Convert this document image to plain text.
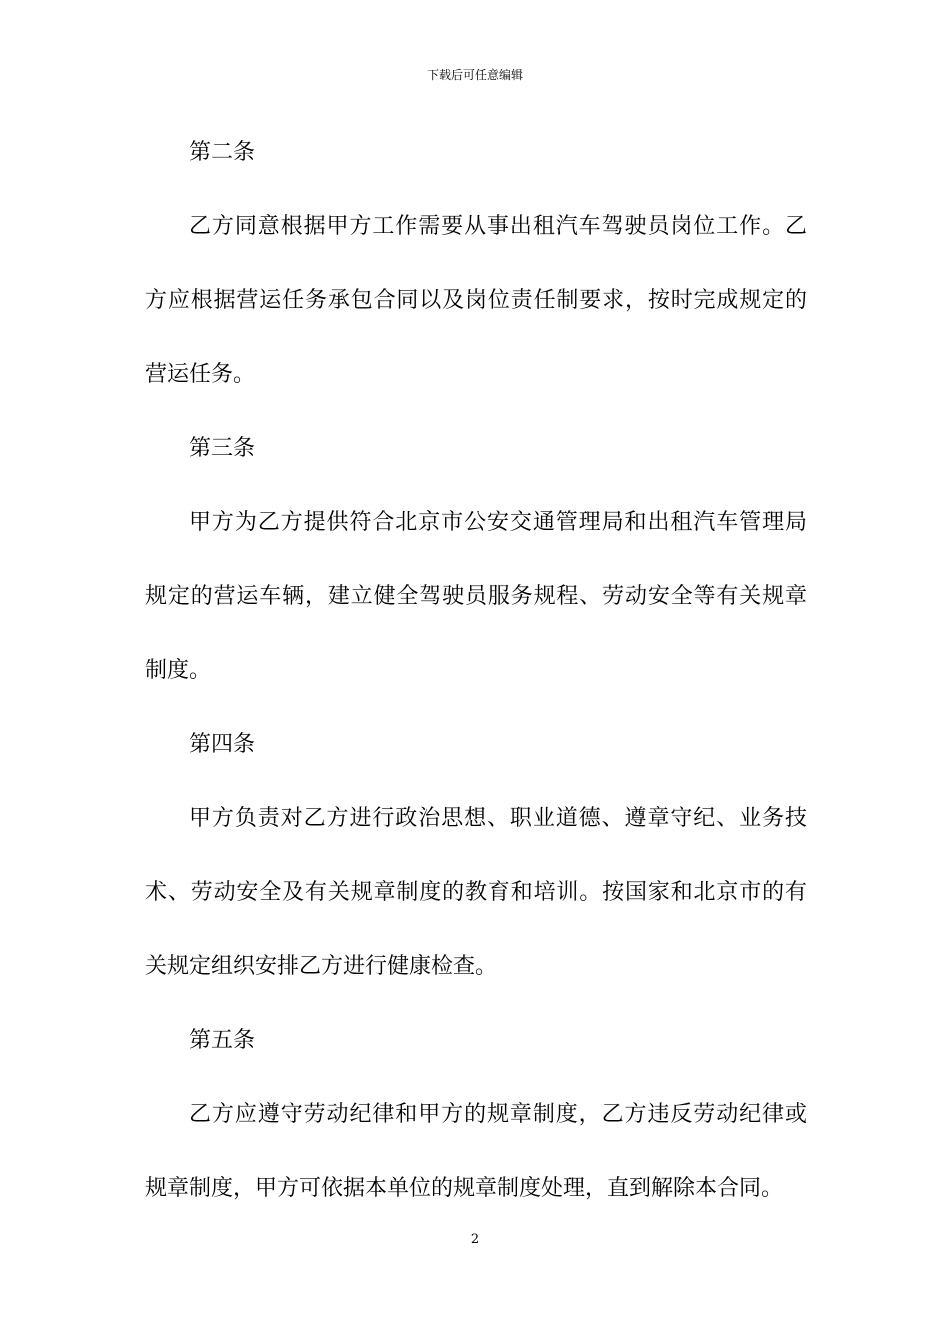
下载后可任意编辑
第二条
乙方同意根据甲方工作需要从事出租汽车驾驶员岗位工作。乙
方应根据营运任务承包合同以及岗位责任制要求，按时完成规定的
营运任务。
第三条
甲方为乙方提供符合北京市公安交通管理局和出租汽车管理局
规定的营运车辆，建立健全驾驶员服务规程、劳动安全等有关规章
制度。
第四条
甲方负责对乙方进行政治思想、职业道德、遵章守纪、业务技
术、劳动安全及有关规章制度的教育和培训。按国家和北京市的有
关规定组织安排乙方进行健康检查。
第五条
乙方应遵守劳动纪律和甲方的规章制度，乙方违反劳动纪律或
规章制度，甲方可依据本单位的规章制度处理，直到解除本合同。
2
